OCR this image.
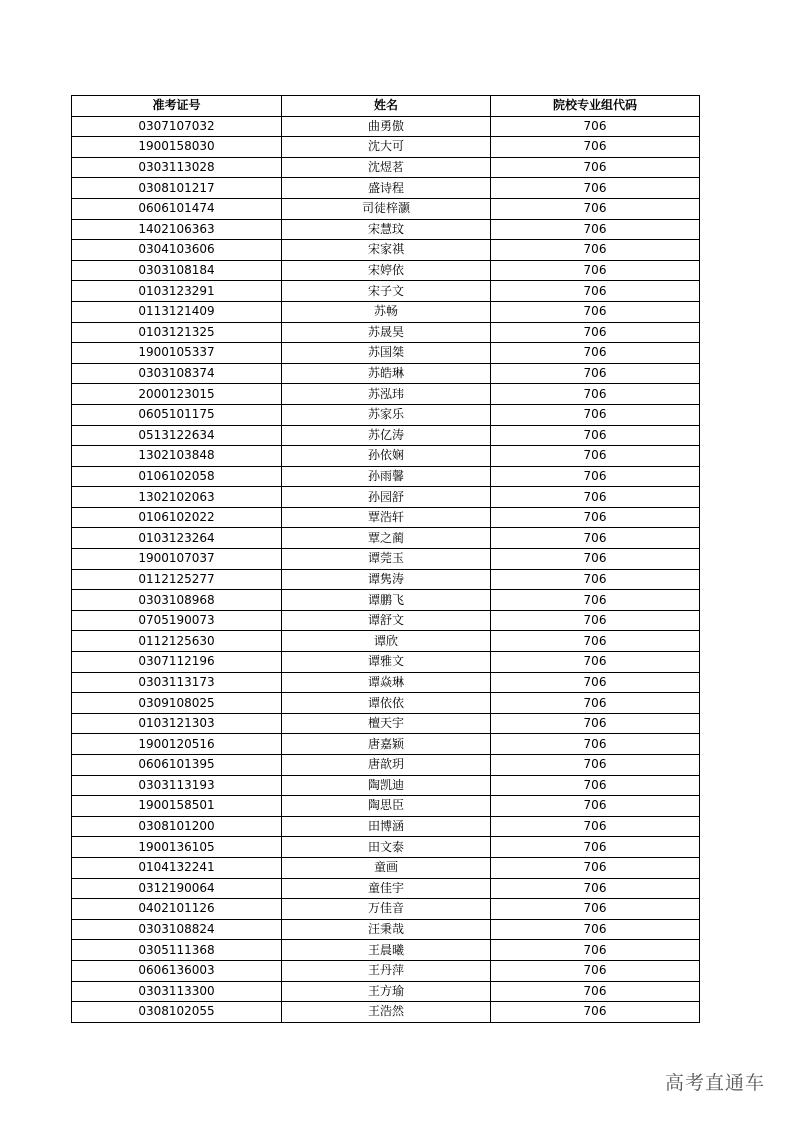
准考证号	姓名	院校专业组代码
0307107032	曲勇傲	706
1900158030	沈大可	706
0303113028	沈煜茗	706
0308101217	盛诗程	706
0606101474	司徒梓灏	706
1402106363	宋慧玟	706
0304103606	宋家祺	706
0303108184	宋婷依	706
0103123291	宋子文	706
0113121409	苏畅	706
0103121325	苏晟昊	706
1900105337	苏国桀	706
0303108374	苏皓琳	706
2000123015	苏泓玮	706
0605101175	苏家乐	706
0513122634	苏亿涛	706
1302103848	孙依娴	706
0106102058	孙雨馨	706
1302102063	孙园舒	706
0106102022	覃浩轩	706
0103123264	覃之蔺	706
1900107037	谭莞玉	706
0112125277	谭隽涛	706
0303108968	谭鹏飞	706
0705190073	谭舒文	706
0112125630	谭欣	706
0307112196	谭雅文	706
0303113173	谭焱琳	706
0309108025	谭依依	706
0103121303	檀天宇	706
1900120516	唐嘉颖	706
0606101395	唐歆玥	706
0303113193	陶凯迪	706
1900158501	陶思臣	706
0308101200	田博涵	706
1900136105	田文泰	706
0104132241	童画	706
0312190064	童佳宇	706
0402101126	万佳音	706
0303108824	汪秉哉	706
0305111368	王晨曦	706
0606136003	王丹萍	706
0303113300	王方瑜	706
0308102055	王浩然	706
高考直通车
